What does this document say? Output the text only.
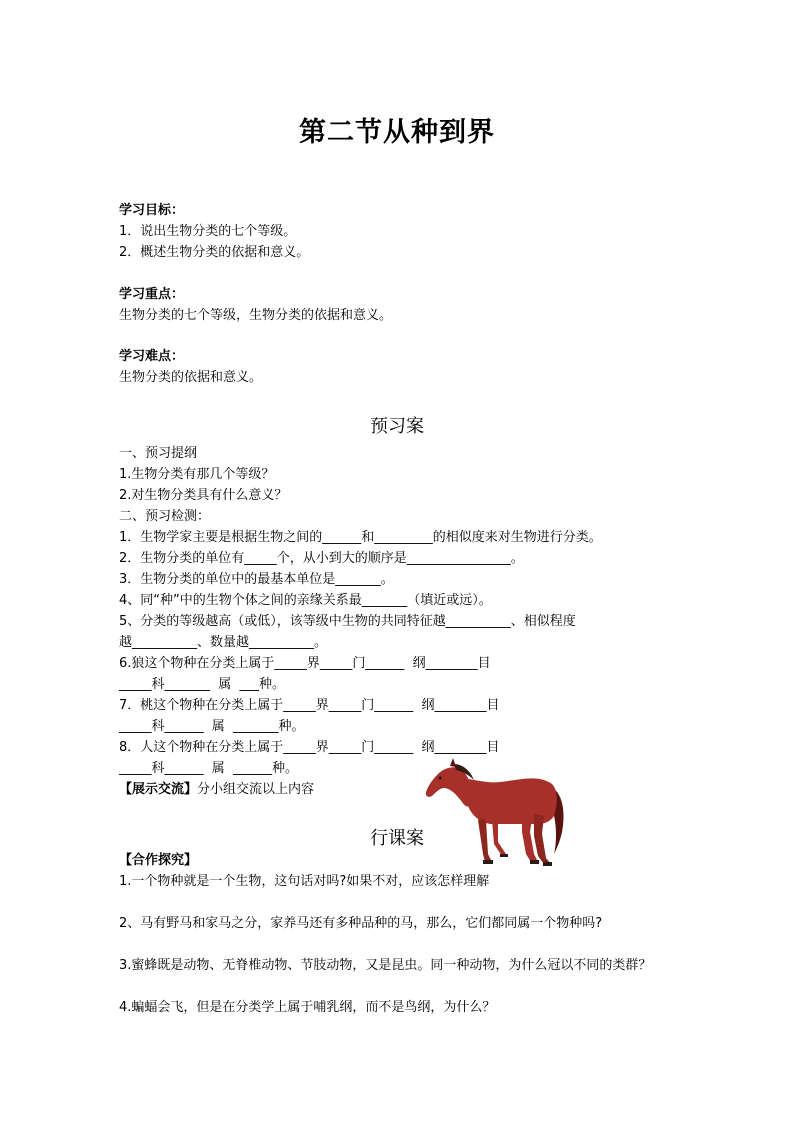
第二节从种到界
学习目标：
1．说出生物分类的七个等级。
2．概述生物分类的依据和意义。
学习重点：
生物分类的七个等级，生物分类的依据和意义。
学习难点：
生物分类的依据和意义。
预习案
一、预习提纲
1.生物分类有那几个等级？
2.对生物分类具有什么意义？
二、预习检测：
1．生物学家主要是根据生物之间的______和_________的相似度来对生物进行分类。
2．生物分类的单位有_____个，从小到大的顺序是________________。
3．生物分类的单位中的最基本单位是_______。
4、同“种”中的生物个体之间的亲缘关系最_______（填近或远）。
5、分类的等级越高（或低），该等级中生物的共同特征越__________、相似程度
越__________、数量越__________。
6.狼这个物种在分类上属于_____界_____门______  纲________目
_____科_______  属  ___种。
7．桃这个物种在分类上属于_____界_____门______  纲________目
_____科______  属  _______种。
8．人这个物种在分类上属于_____界_____门______  纲________目
_____科______  属  ______种。
【展示交流】分小组交流以上内容
行课案
【合作探究】
1.一个物种就是一个生物，这句话对吗?如果不对，应该怎样理解
2、马有野马和家马之分，家养马还有多种品种的马，那么，它们都同属一个物种吗?
3.蜜蜂既是动物、无脊椎动物、节肢动物，又是昆虫。同一种动物，为什么冠以不同的类群？
4.蝙蝠会飞，但是在分类学上属于哺乳纲，而不是鸟纲，为什么？
